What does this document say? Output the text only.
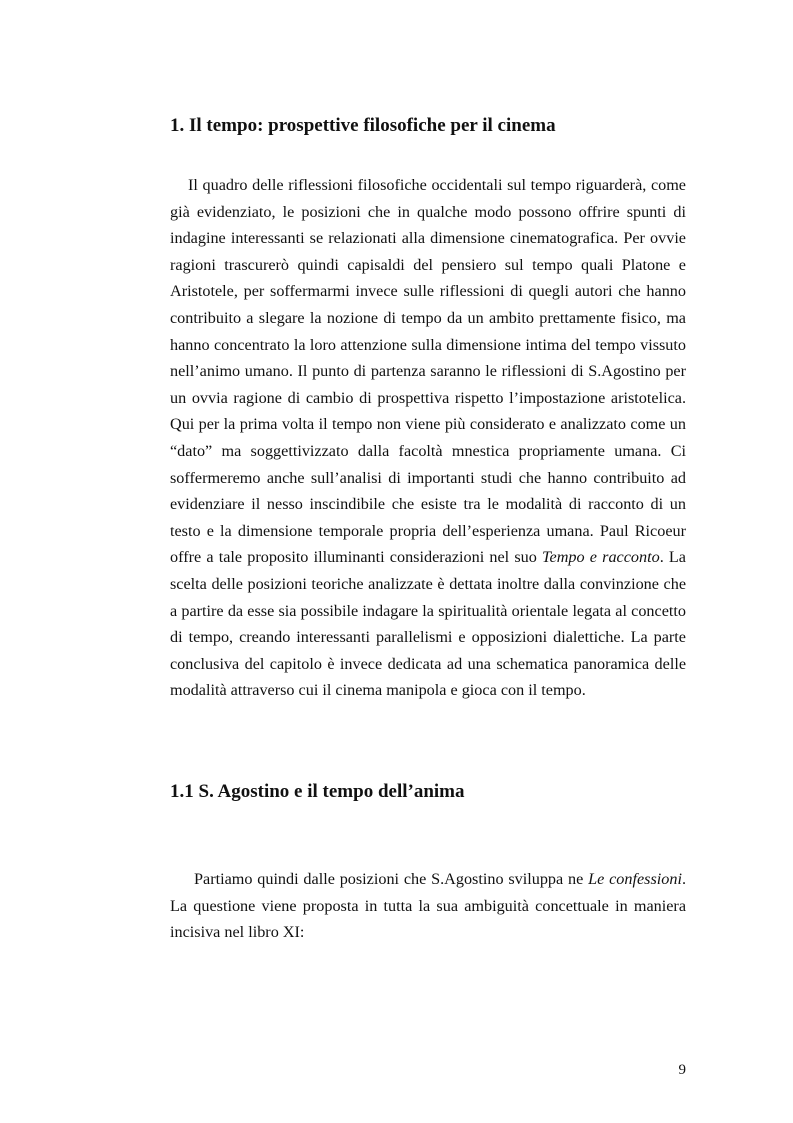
1. Il tempo: prospettive filosofiche per il cinema

Il quadro delle riflessioni filosofiche occidentali sul tempo riguarderà, come già evidenziato, le posizioni che in qualche modo possono offrire spunti di indagine interessanti se relazionati alla dimensione cinematografica. Per ovvie ragioni trascurerò quindi capisaldi del pensiero sul tempo quali Platone e Aristotele, per soffermarmi invece sulle riflessioni di quegli autori che hanno contribuito a slegare la nozione di tempo da un ambito prettamente fisico, ma hanno concentrato la loro attenzione sulla dimensione intima del tempo vissuto nell’animo umano. Il punto di partenza saranno le riflessioni di S.Agostino per un ovvia ragione di cambio di prospettiva rispetto l’impostazione aristotelica. Qui per la prima volta il tempo non viene più considerato e analizzato come un “dato” ma soggettivizzato dalla facoltà mnestica propriamente umana. Ci soffermeremo anche sull’analisi di importanti studi che hanno contribuito ad evidenziare il nesso inscindibile che esiste tra le modalità di racconto di un testo e la dimensione temporale propria dell’esperienza umana. Paul Ricoeur offre a tale proposito illuminanti considerazioni nel suo Tempo e racconto. La scelta delle posizioni teoriche analizzate è dettata inoltre dalla convinzione che a partire da esse sia possibile indagare la spiritualità orientale legata al concetto di tempo, creando interessanti parallelismi e opposizioni dialettiche. La parte conclusiva del capitolo è invece dedicata ad una schematica panoramica delle modalità attraverso cui il cinema manipola e gioca con il tempo.

1.1 S. Agostino e il tempo dell’anima

Partiamo quindi dalle posizioni che S.Agostino sviluppa ne Le confessioni. La questione viene proposta in tutta la sua ambiguità concettuale in maniera incisiva nel libro XI:

9
